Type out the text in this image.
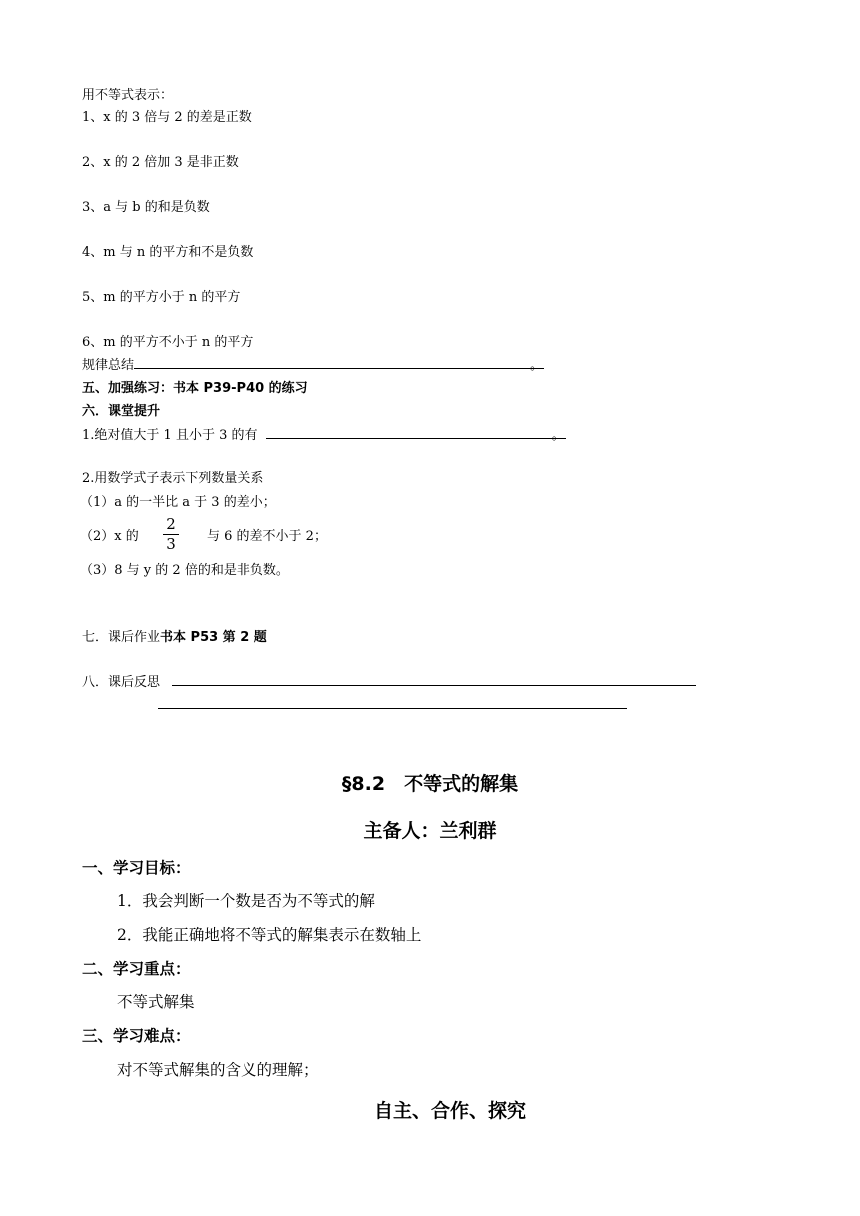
用不等式表示：
1、x 的 3 倍与 2 的差是正数
2、x 的 2 倍加 3 是非正数
3、a 与 b 的和是负数
4、m 与 n 的平方和不是负数
5、m 的平方小于 n 的平方
6、m 的平方不小于 n 的平方
规律总结	。
五、加强练习：书本 P39-P40 的练习
六．课堂提升
1.绝对值大于 1 且小于 3 的有	。
2.用数学式子表示下列数量关系
（1）a 的一半比 a 于 3 的差小；
（2）x 的
2
3 与 6 的差不小于 2；
（3）8 与 y 的 2 倍的和是非负数。
七．课后作业书本 P53 第 2 题
八．课后反思
§8.2　不等式的解集
主备人：兰利群
一、学习目标：
1．我会判断一个数是否为不等式的解
2．我能正确地将不等式的解集表示在数轴上
二、学习重点：
不等式解集
三、学习难点：
对不等式解集的含义的理解；
自主、合作、探究
